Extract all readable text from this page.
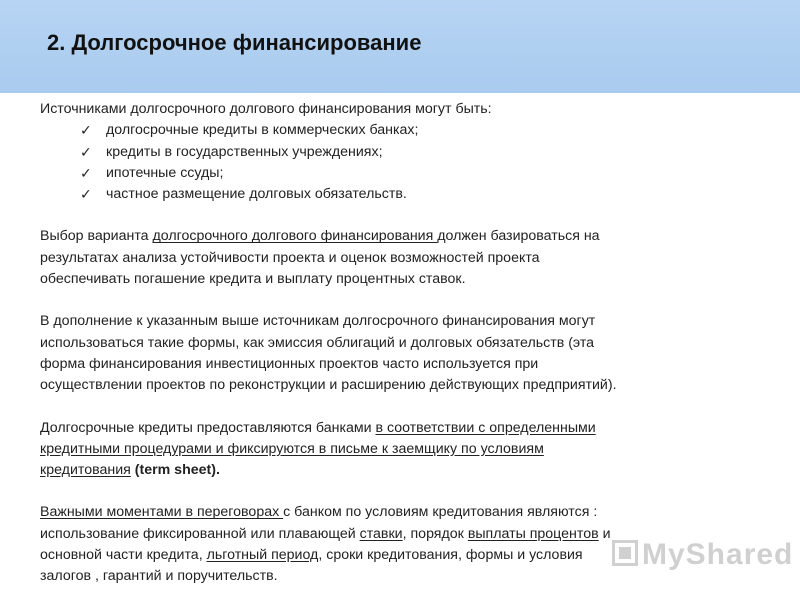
2. Долгосрочное финансирование

Источниками долгосрочного долгового финансирования могут быть:

✓ долгосрочные кредиты в коммерческих банках;
✓ кредиты в государственных учреждениях;
✓ ипотечные ссуды;
✓ частное размещение долговых обязательств.

Выбор варианта долгосрочного долгового финансирования должен базироваться на

результатах анализа устойчивости проекта и оценок возможностей проекта

обеспечивать погашение кредита и выплату процентных ставок.

В дополнение к указанным выше источникам долгосрочного финансирования могут

использоваться такие формы, как эмиссия облигаций и долговых обязательств (эта

форма финансирования инвестиционных проектов часто используется при

осуществлении проектов по реконструкции и расширению действующих предприятий).

Долгосрочные кредиты предоставляются банками в соответствии с определенными

кредитными процедурами и фиксируются в письме к заемщику по условиям

кредитования (term sheet).

Важными моментами в переговорах с банком по условиям кредитования являются :

использование фиксированной или плавающей ставки, порядок выплаты процентов и

основной части кредита, льготный период, сроки кредитования, формы и условия

залогов , гарантий и поручительств.

MyShared
